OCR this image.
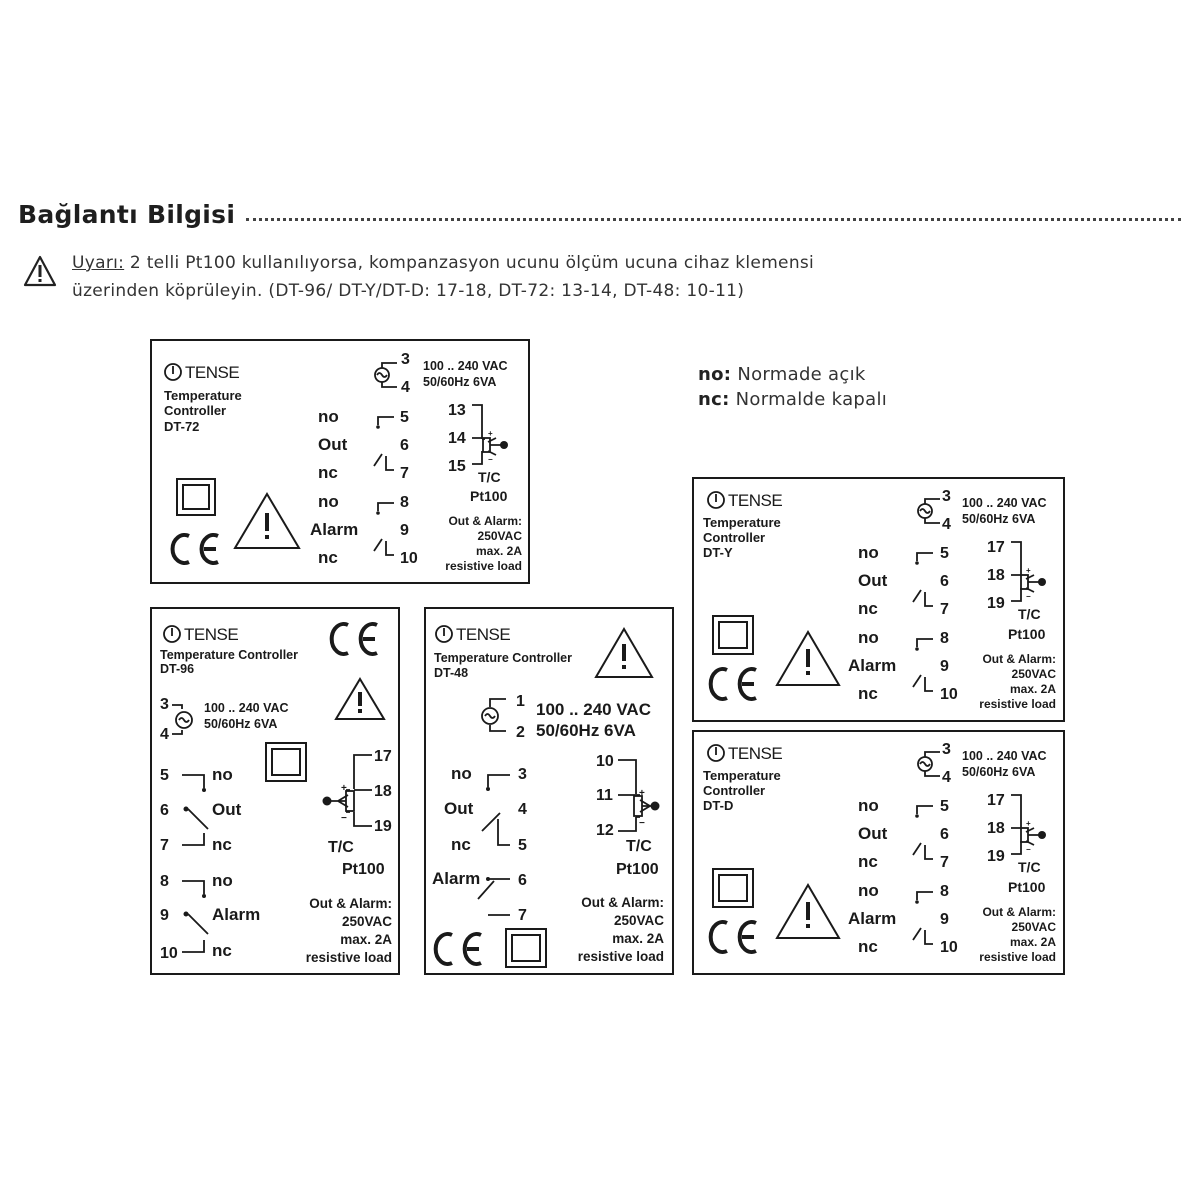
Bağlantı Bilgisi
Uyarı: 2 telli Pt100 kullanılıyorsa, kompanzasyon ucunu ölçüm ucuna cihaz klemensi
üzerinden köprüleyin. (DT-96/ DT-Y/DT-D: 17-18, DT-72: 13-14, DT-48: 10-11)
no: Normade açık
nc: Normalde kapalı
TENSE
Temperature
Controller
DT-72
3
4
100 .. 240 VAC
50/60Hz 6VA
no
Out
nc
5
6
7
no
Alarm
nc
8
9
10
13
14
15
+
−
T/C
Pt100
Out & Alarm:
250VAC
max. 2A
resistive load
TENSE
Temperature Controller
DT-96
3
4
100 .. 240 VAC
50/60Hz 6VA
5
6
7
no
Out
nc
8
9
10
no
Alarm
nc
+
−
17
18
19
T/C
Pt100
Out & Alarm:
250VAC
max. 2A
resistive load
TENSE
Temperature Controller
DT-48
1
2
100 .. 240 VAC
50/60Hz 6VA
no
Out
nc
3
4
5
Alarm 6
7
10
11
12
+
−
T/C
Pt100
Out & Alarm:
250VAC
max. 2A
resistive load
TENSE
Temperature
Controller
DT-Y
3
4
100 .. 240 VAC
50/60Hz 6VA
no
Out
nc
5
6
7
no
Alarm
nc
8
9
10
17
18
19
+
−
T/C
Pt100
Out & Alarm:
250VAC
max. 2A
resistive load
TENSE
Temperature
Controller
DT-D
3
4
100 .. 240 VAC
50/60Hz 6VA
no
Out
nc
5
6
7
no
Alarm
nc
8
9
10
17
18
19
+
−
T/C
Pt100
Out & Alarm:
250VAC
max. 2A
resistive load
